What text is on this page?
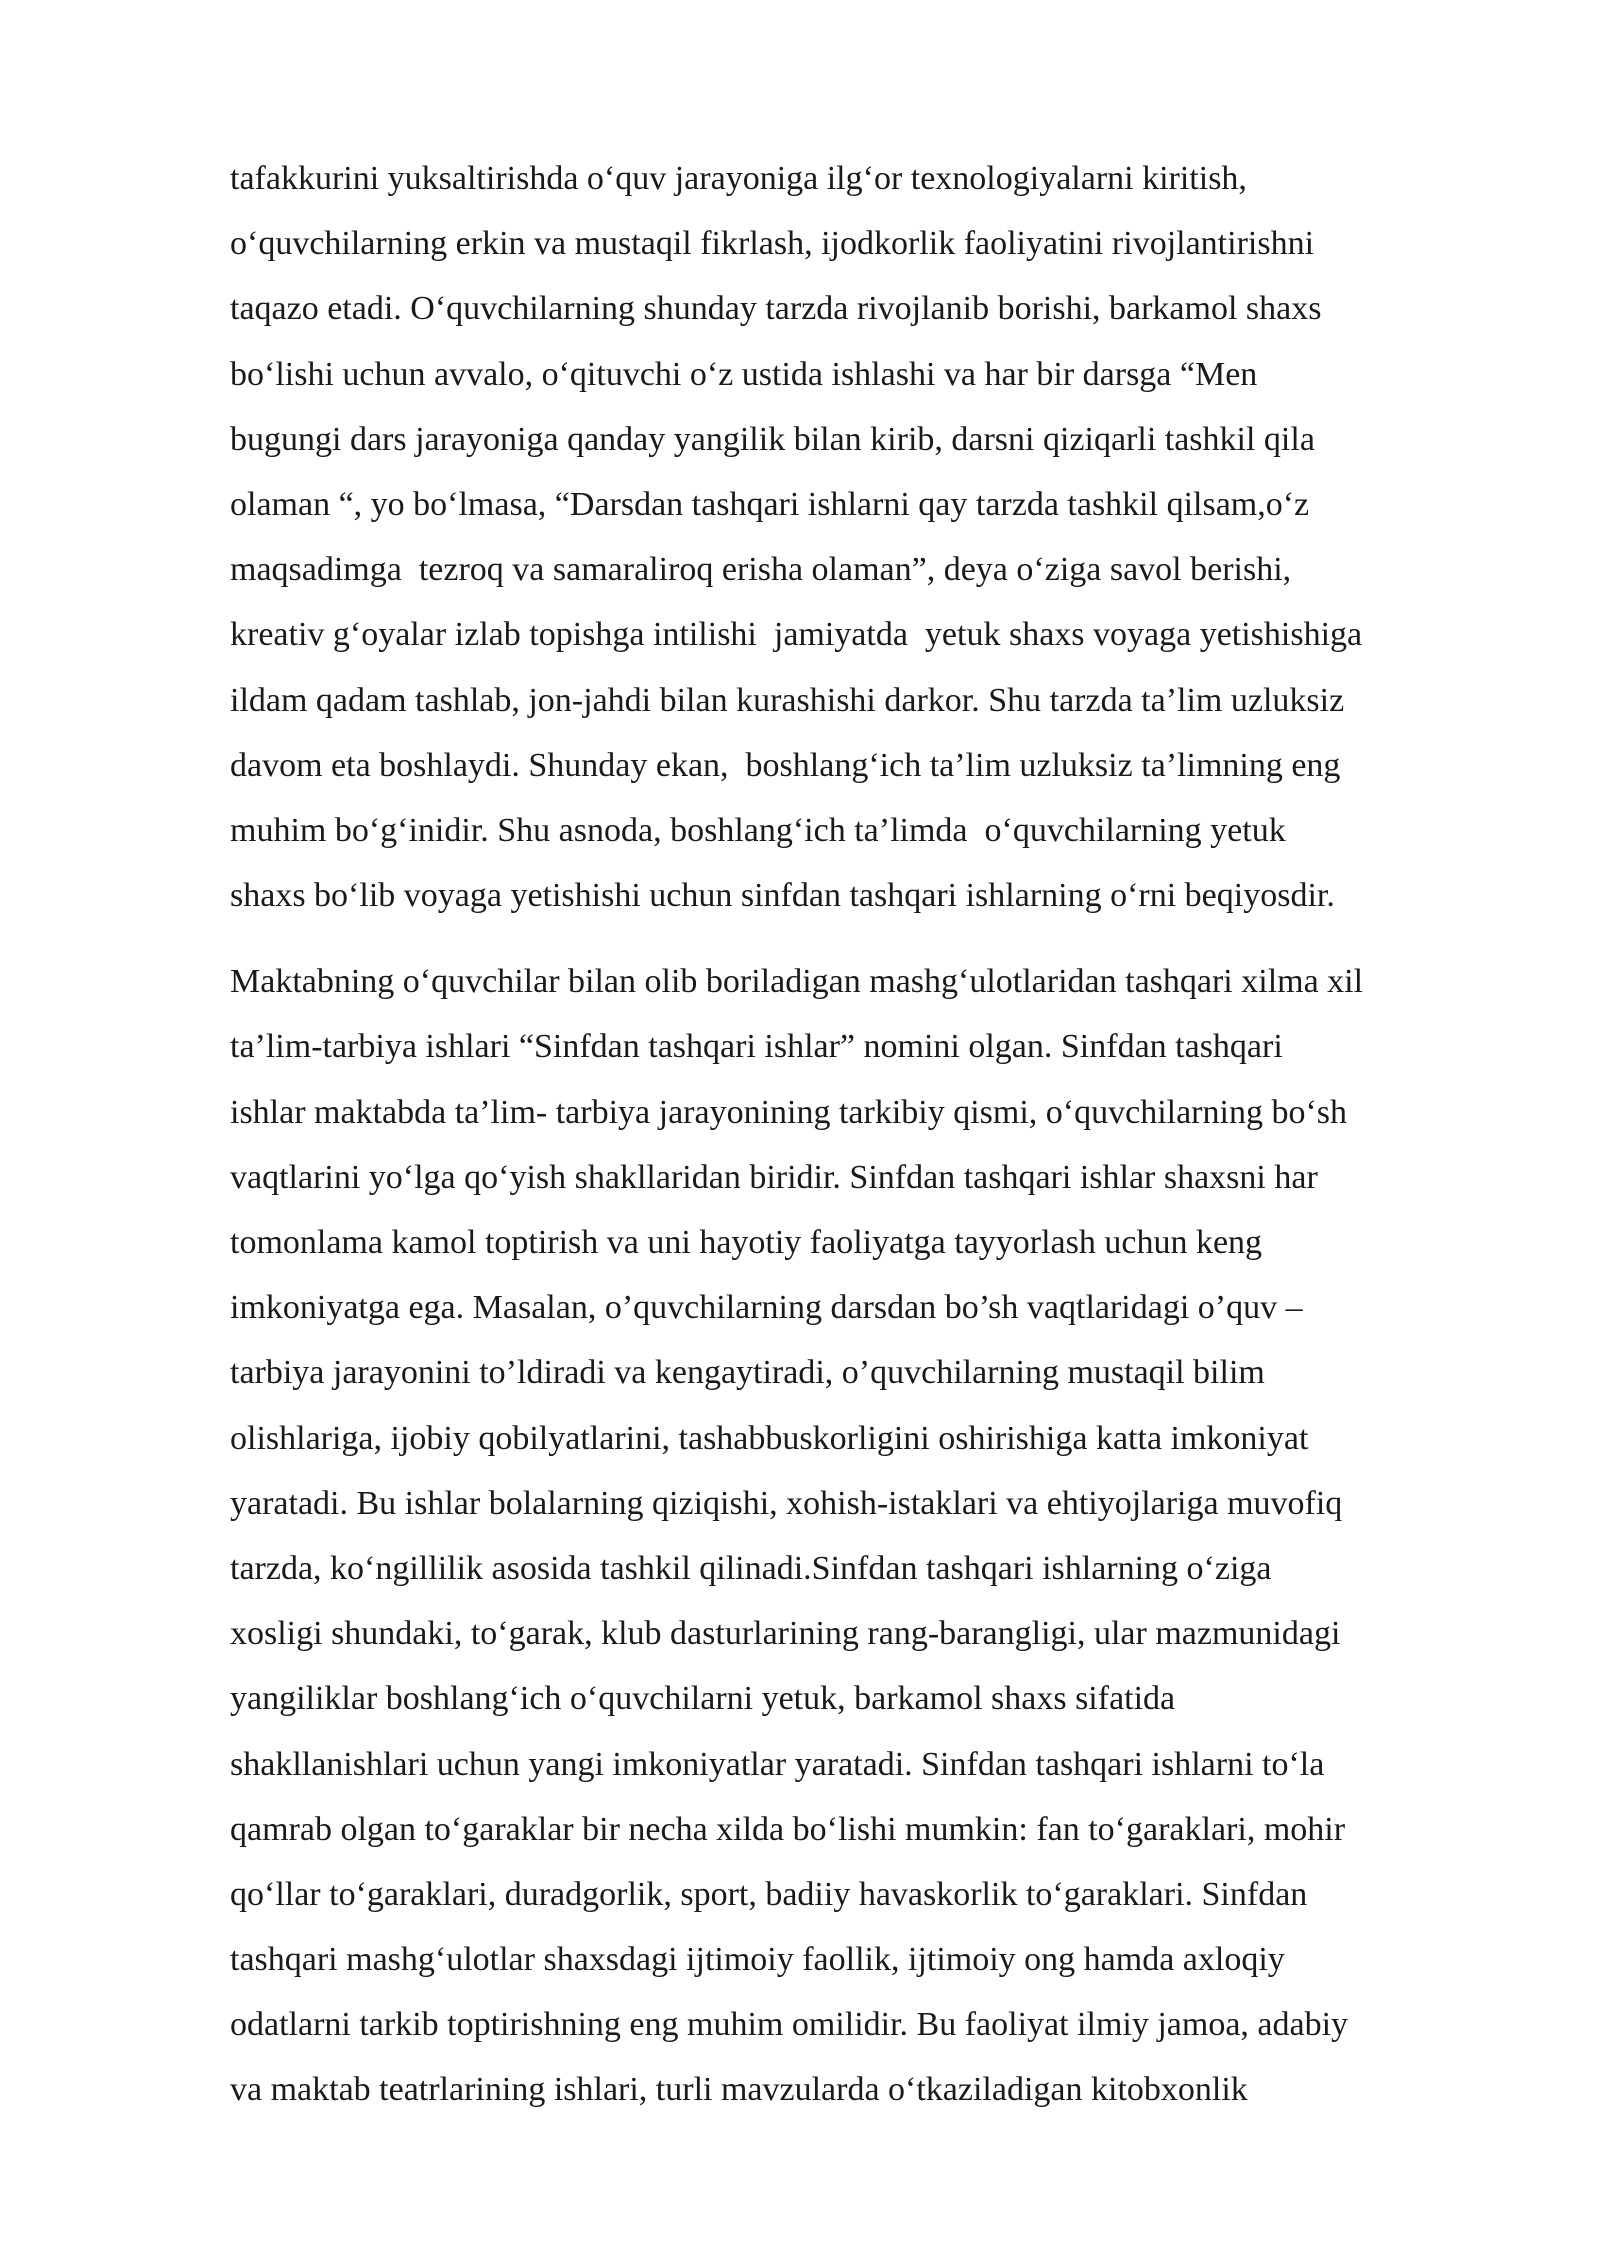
tafakkurini yuksaltirishda o‘quv jarayoniga ilg‘or texnologiyalarni kiritish,
o‘quvchilarning erkin va mustaqil fikrlash, ijodkorlik faoliyatini rivojlantirishni
taqazo etadi. O‘quvchilarning shunday tarzda rivojlanib borishi, barkamol shaxs
bo‘lishi uchun avvalo, o‘qituvchi o‘z ustida ishlashi va har bir darsga “Men
bugungi dars jarayoniga qanday yangilik bilan kirib, darsni qiziqarli tashkil qila
olaman “, yo bo‘lmasa, “Darsdan tashqari ishlarni qay tarzda tashkil qilsam,o‘z
maqsadimga  tezroq va samaraliroq erisha olaman”, deya o‘ziga savol berishi,
kreativ g‘oyalar izlab topishga intilishi  jamiyatda  yetuk shaxs voyaga yetishishiga
ildam qadam tashlab, jon-jahdi bilan kurashishi darkor. Shu tarzda ta’lim uzluksiz
davom eta boshlaydi. Shunday ekan,  boshlang‘ich ta’lim uzluksiz ta’limning eng
muhim bo‘g‘inidir. Shu asnoda, boshlang‘ich ta’limda  o‘quvchilarning yetuk
shaxs bo‘lib voyaga yetishishi uchun sinfdan tashqari ishlarning o‘rni beqiyosdir.
Maktabning o‘quvchilar bilan olib boriladigan mashg‘ulotlaridan tashqari xilma xil
ta’lim-tarbiya ishlari “Sinfdan tashqari ishlar” nomini olgan. Sinfdan tashqari
ishlar maktabda ta’lim- tarbiya jarayonining tarkibiy qismi, o‘quvchilarning bo‘sh
vaqtlarini yo‘lga qo‘yish shakllaridan biridir. Sinfdan tashqari ishlar shaxsni har
tomonlama kamol toptirish va uni hayotiy faoliyatga tayyorlash uchun keng
imkoniyatga ega. Masalan, o’quvchilarning darsdan bo’sh vaqtlaridagi o’quv –
tarbiya jarayonini to’ldiradi va kengaytiradi, o’quvchilarning mustaqil bilim
olishlariga, ijobiy qobilyatlarini, tashabbuskorligini oshirishiga katta imkoniyat
yaratadi. Bu ishlar bolalarning qiziqishi, xohish-istaklari va ehtiyojlariga muvofiq
tarzda, ko‘ngillilik asosida tashkil qilinadi.Sinfdan tashqari ishlarning o‘ziga
xosligi shundaki, to‘garak, klub dasturlarining rang-barangligi, ular mazmunidagi
yangiliklar boshlang‘ich o‘quvchilarni yetuk, barkamol shaxs sifatida
shakllanishlari uchun yangi imkoniyatlar yaratadi. Sinfdan tashqari ishlarni to‘la
qamrab olgan to‘garaklar bir necha xilda bo‘lishi mumkin: fan to‘garaklari, mohir
qo‘llar to‘garaklari, duradgorlik, sport, badiiy havaskorlik to‘garaklari. Sinfdan
tashqari mashg‘ulotlar shaxsdagi ijtimoiy faollik, ijtimoiy ong hamda axloqiy
odatlarni tarkib toptirishning eng muhim omilidir. Bu faoliyat ilmiy jamoa, adabiy
va maktab teatrlarining ishlari, turli mavzularda o‘tkaziladigan kitobxonlik
